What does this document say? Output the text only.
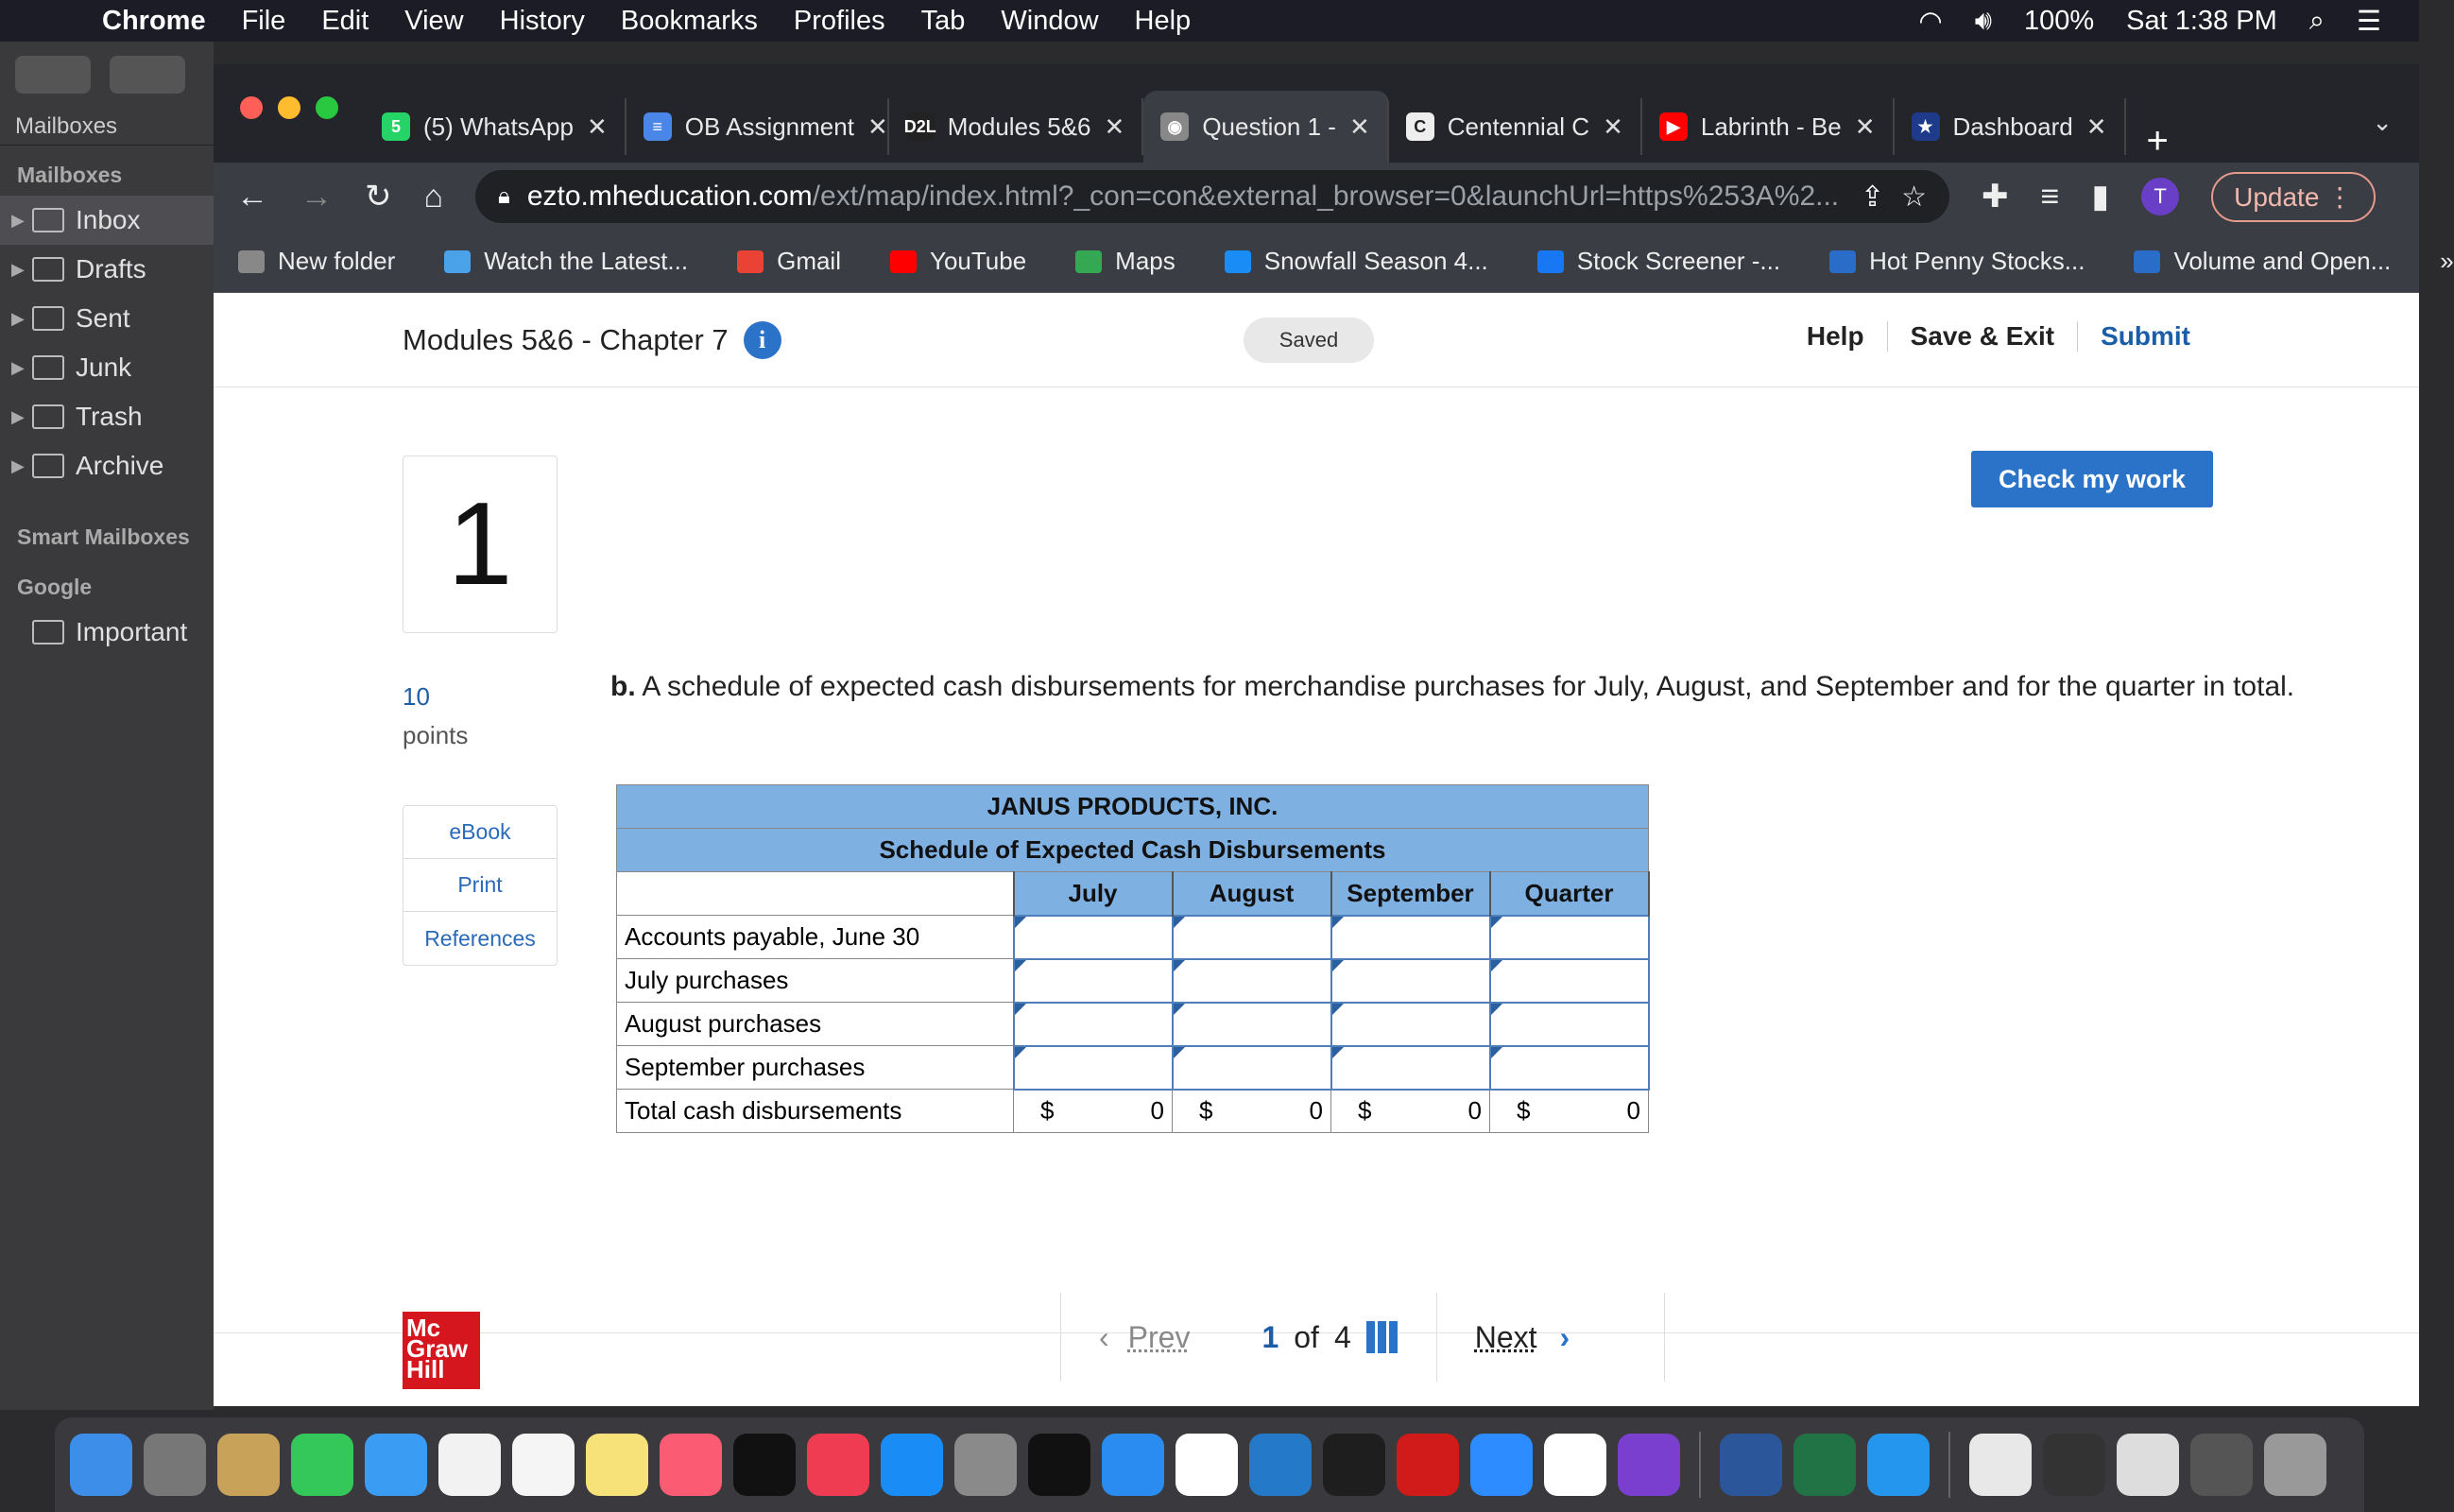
Chrome File Edit View History Bookmarks Profiles Tab Window Help	◠ 🔊︎ 100% Sat 1:38 PM ⌕ ☰
Mailboxes
Mailboxes
▶ Inbox
▶ Drafts
▶ Sent
▶ Junk
▶ Trash
▶ Archive
Smart Mailboxes
Google
Important
5 (5) WhatsApp ✕	≡ OB Assignment ✕ D2L Modules 5&6 ✕	◉ Question 1 - ✕	C Centennial C ✕	▶ Labrinth - Be ✕	★ Dashboard ✕ +	⌄
← → ↻ ⌂ 🔒︎ ezto.mheducation.com/ext/map/index.html?_con=con&external_browser=0&launchUrl=https%253A%2... ⇪ ☆ ✚ ≡ ▮	T	Update ⋮
New folder	Watch the Latest...	Gmail	YouTube	Maps	Snowfall Season 4...	Stock Screener -...	Hot Penny Stocks...	Volume and Open... »
Modules 5&6 - Chapter 7	i	Saved	Help	Save & Exit	Submit
Check my work
1
10
points
eBook
Print
References
b. A schedule of expected cash disbursements for merchandise purchases for July, August, and September and for the quarter in total.
JANUS PRODUCTS, INC.				
Schedule of Expected Cash Disbursements				
	July	August	September	Quarter
Accounts payable, June 30				
July purchases				
August purchases				
September purchases				
Total cash disbursements	$ 0	$ 0	$ 0	$ 0
Mc
Graw
Hill
‹ Prev 1 of 4	Next ›
